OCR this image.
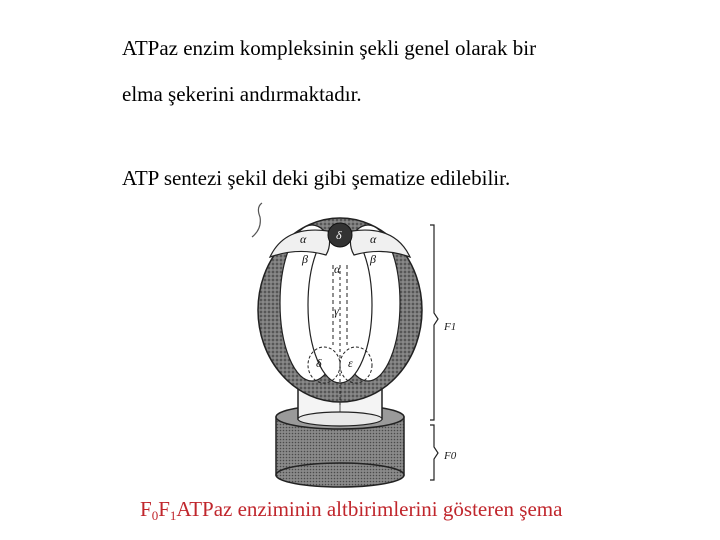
ATPaz enzim kompleksinin şekli genel olarak bir

elma şekerini andırmaktadır.

ATP sentezi şekil deki gibi şematize edilebilir.

α	α
δ
β	β
α
γ
δ ε
F1
F0
$F_0F_1ATPaz$ enziminin altbirimlerini gösteren şema
